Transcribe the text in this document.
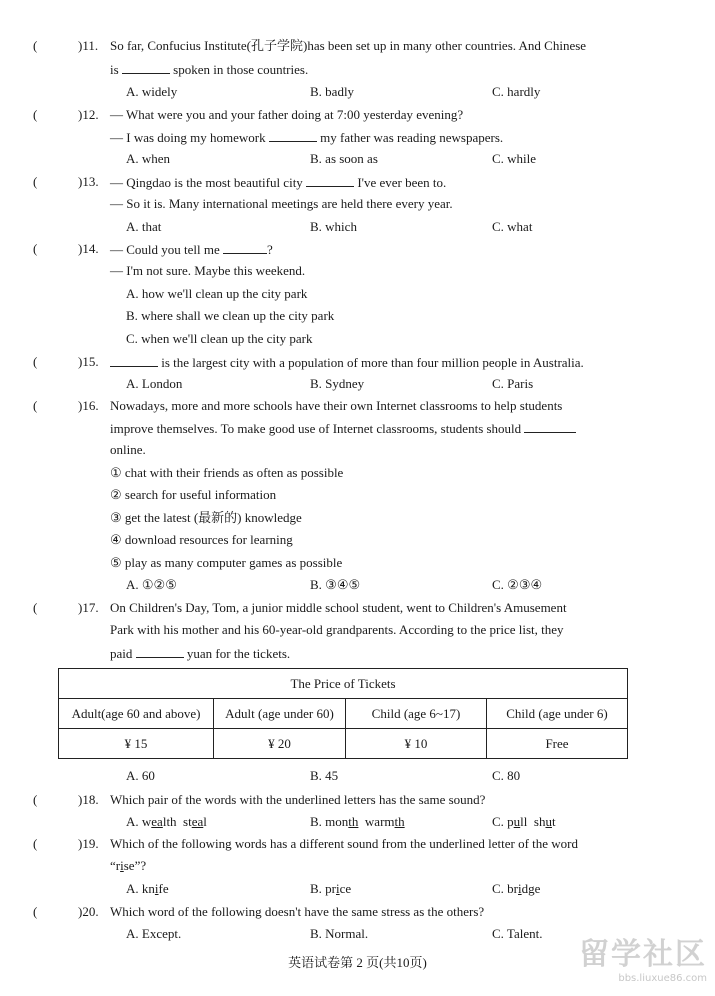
(	)11. So far, Confucius Institute(孔子学院)has been set up in many other countries. And Chinese
is	spoken in those countries.
A. widely	B. badly	C. hardly
(	)12. — What were you and your father doing at 7:00 yesterday evening?
— I was doing my homework	my father was reading newspapers.
A. when	B. as soon as	C. while
(	)13. — Qingdao is the most beautiful city	I've ever been to.
— So it is. Many international meetings are held there every year.
A. that	B. which	C. what
(	)14. — Could you tell me	?
— I'm not sure. Maybe this weekend.
A. how we'll clean up the city park
B. where shall we clean up the city park
C. when we'll clean up the city park
(	)15.	is the largest city with a population of more than four million people in Australia.
A. London	B. Sydney	C. Paris
(	)16. Nowadays, more and more schools have their own Internet classrooms to help students
improve themselves. To make good use of Internet classrooms, students should
online.
① chat with their friends as often as possible
② search for useful information
③ get the latest (最新的) knowledge
④ download resources for learning
⑤ play as many computer games as possible
A. ①②⑤	B. ③④⑤	C. ②③④
(	)17. On Children's Day, Tom, a junior middle school student, went to Children's Amusement
Park with his mother and his 60-year-old grandparents. According to the price list, they
paid	yuan for the tickets.
The Price of Tickets			
Adult(age 60 and above)	Adult (age under 60)	Child (age 6~17)	Child (age under 6)
¥ 15	¥ 20	¥ 10	Free
A. 60	B. 45	C. 80
(	)18. Which pair of the words with the underlined letters has the same sound?
A. wealth  steal	B. month  warmth	C. pull  shut
(	)19. Which of the following words has a different sound from the underlined letter of the word
“rise”?
A. knife	B. price	C. bridge
(	)20. Which word of the following doesn't have the same stress as the others?
A. Except.	B. Normal.	C. Talent.
英语试卷第 2 页(共10页)	留学社区
bbs.liuxue86.com
